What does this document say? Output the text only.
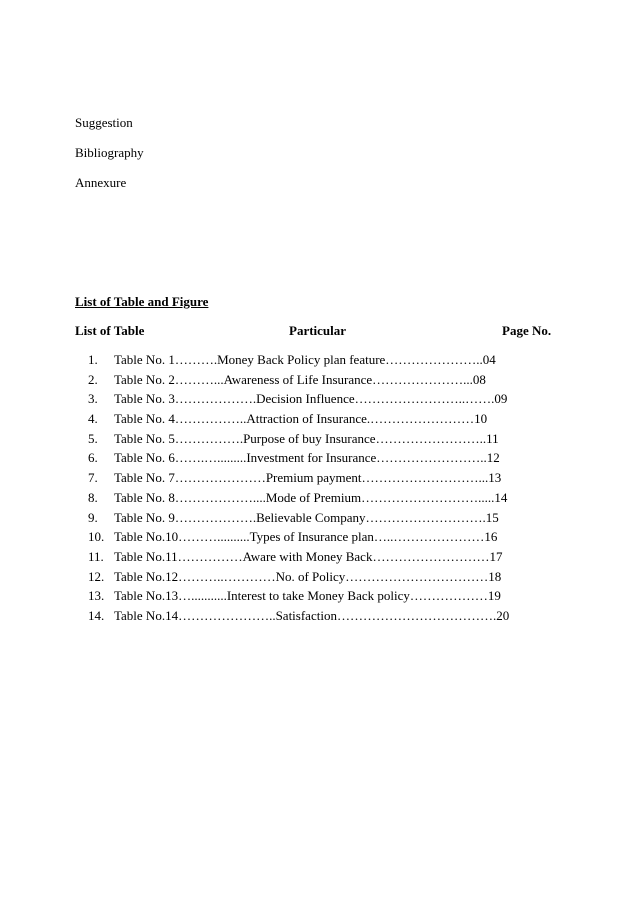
Suggestion
Bibliography
Annexure
List of Table and Figure
List of Table	Particular	Page No.
1.	Table No. 1……….Money Back Policy plan feature…………………..04
2.	Table No. 2………...Awareness of Life Insurance…………………...08
3.	Table No. 3……………….Decision Influence……………………..…….09
4.	Table No. 4……………..Attraction of Insurance.……………………10
5.	Table No. 5…………….Purpose of buy Insurance……………………..11
6.	Table No. 6…….….........Investment for Insurance……………………..12
7.	Table No. 7…………………Premium payment………………………...13
8.	Table No. 8………………....Mode of Premium……………………….....14
9.	Table No. 9……………….Believable Company……………………….15
10. Table No.10………..........Types of Insurance plan…..…………………16
11. Table No.11……………Aware with Money Back………………………17
12. Table No.12………..…………No. of Policy……………………………18
13. Table No.13…...........Interest to take Money Back policy………………19
14. Table No.14…………………..Satisfaction……………………………….20
